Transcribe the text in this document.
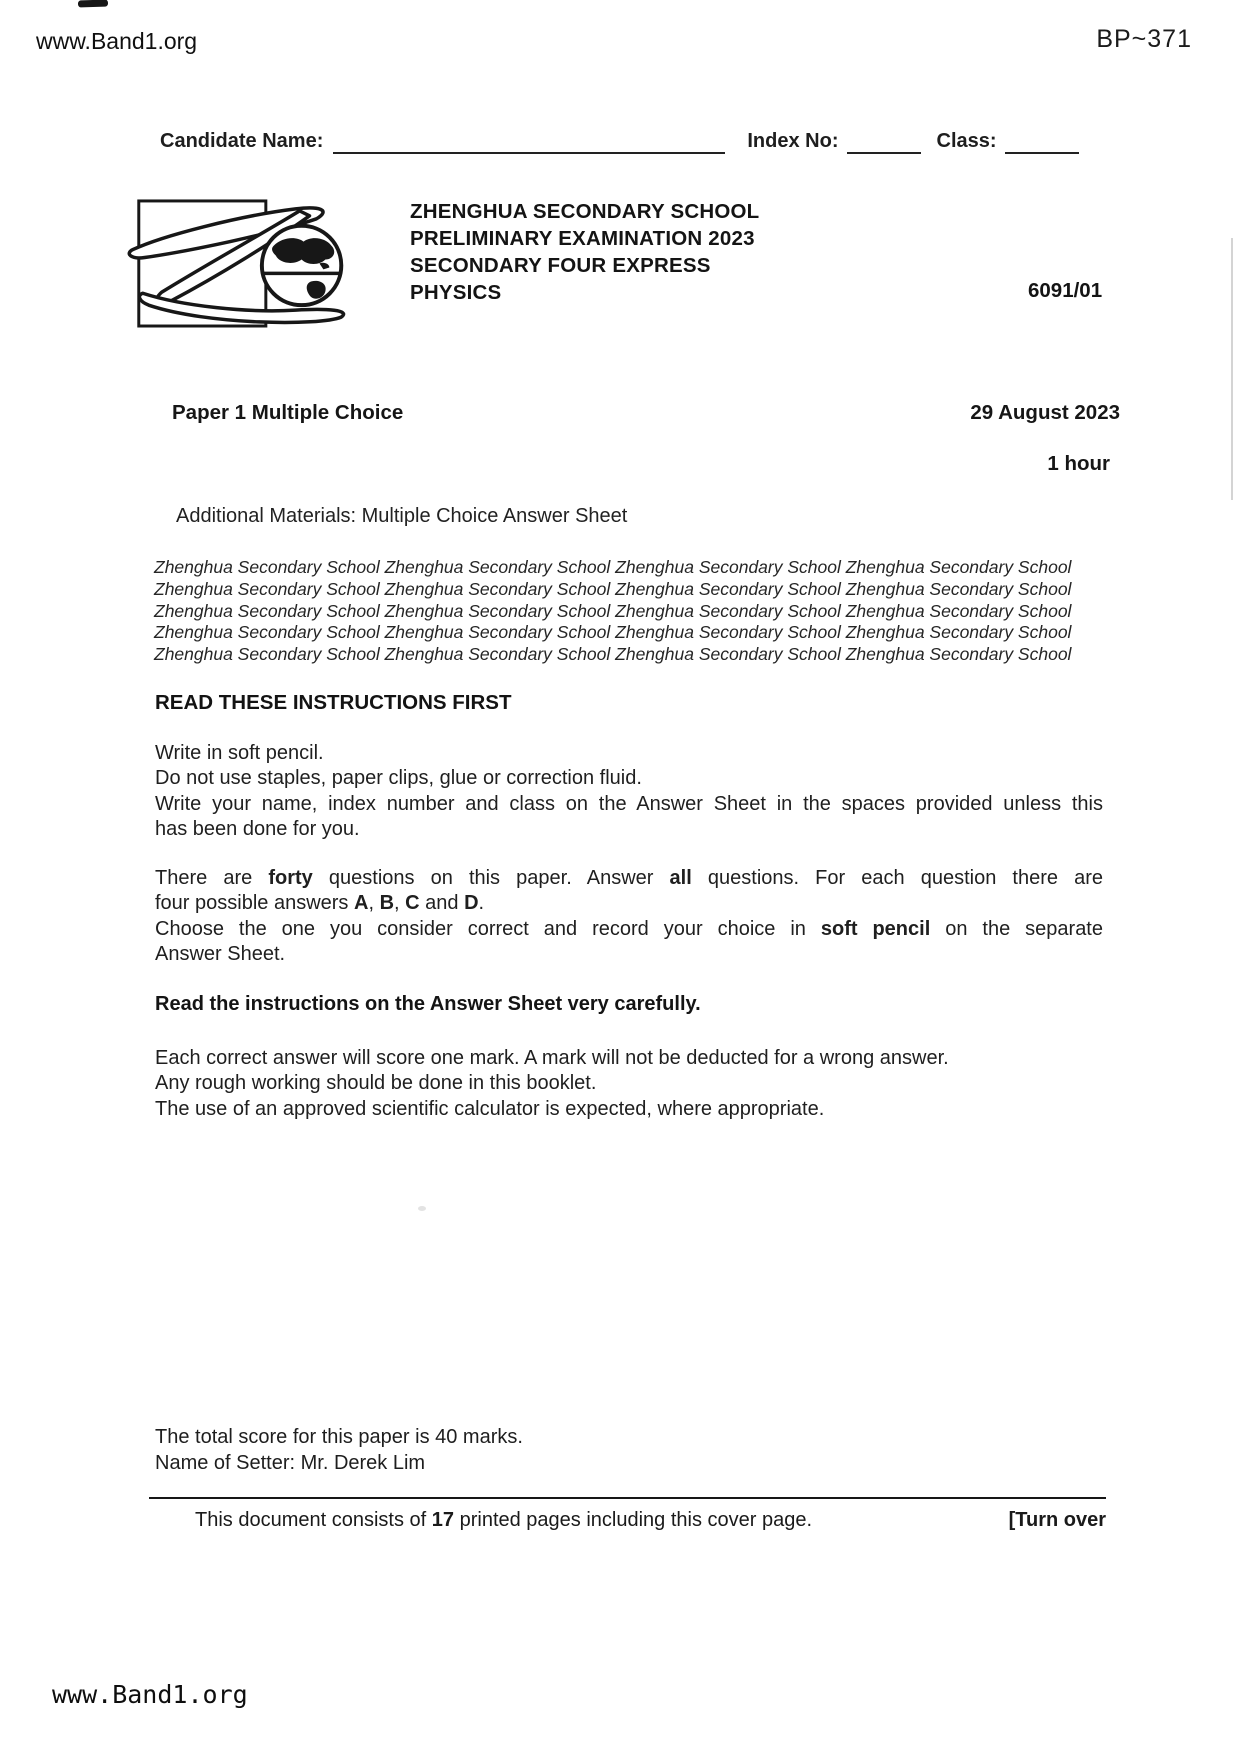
www.Band1.org	BP~371
Candidate Name:	Index No:	Class:
ZHENGHUA SECONDARY SCHOOL
PRELIMINARY EXAMINATION 2023
SECONDARY FOUR EXPRESS
PHYSICS	6091/01
Paper 1 Multiple Choice	29 August 2023
1 hour
Additional Materials: Multiple Choice Answer Sheet
Zhenghua Secondary School Zhenghua Secondary School Zhenghua Secondary School Zhenghua Secondary School
Zhenghua Secondary School Zhenghua Secondary School Zhenghua Secondary School Zhenghua Secondary School
Zhenghua Secondary School Zhenghua Secondary School Zhenghua Secondary School Zhenghua Secondary School
Zhenghua Secondary School Zhenghua Secondary School Zhenghua Secondary School Zhenghua Secondary School
Zhenghua Secondary School Zhenghua Secondary School Zhenghua Secondary School Zhenghua Secondary School
READ THESE INSTRUCTIONS FIRST
Write in soft pencil.
Do not use staples, paper clips, glue or correction fluid.
Write your name, index number and class on the Answer Sheet in the spaces provided unless this
has been done for you.
There are forty questions on this paper. Answer all questions. For each question there are
four possible answers A, B, C and D.
Choose the one you consider correct and record your choice in soft pencil on the separate
Answer Sheet.
Read the instructions on the Answer Sheet very carefully.
Each correct answer will score one mark. A mark will not be deducted for a wrong answer.
Any rough working should be done in this booklet.
The use of an approved scientific calculator is expected, where appropriate.
The total score for this paper is 40 marks.
Name of Setter: Mr. Derek Lim
This document consists of 17 printed pages including this cover page.	[Turn over
www.Band1.org
